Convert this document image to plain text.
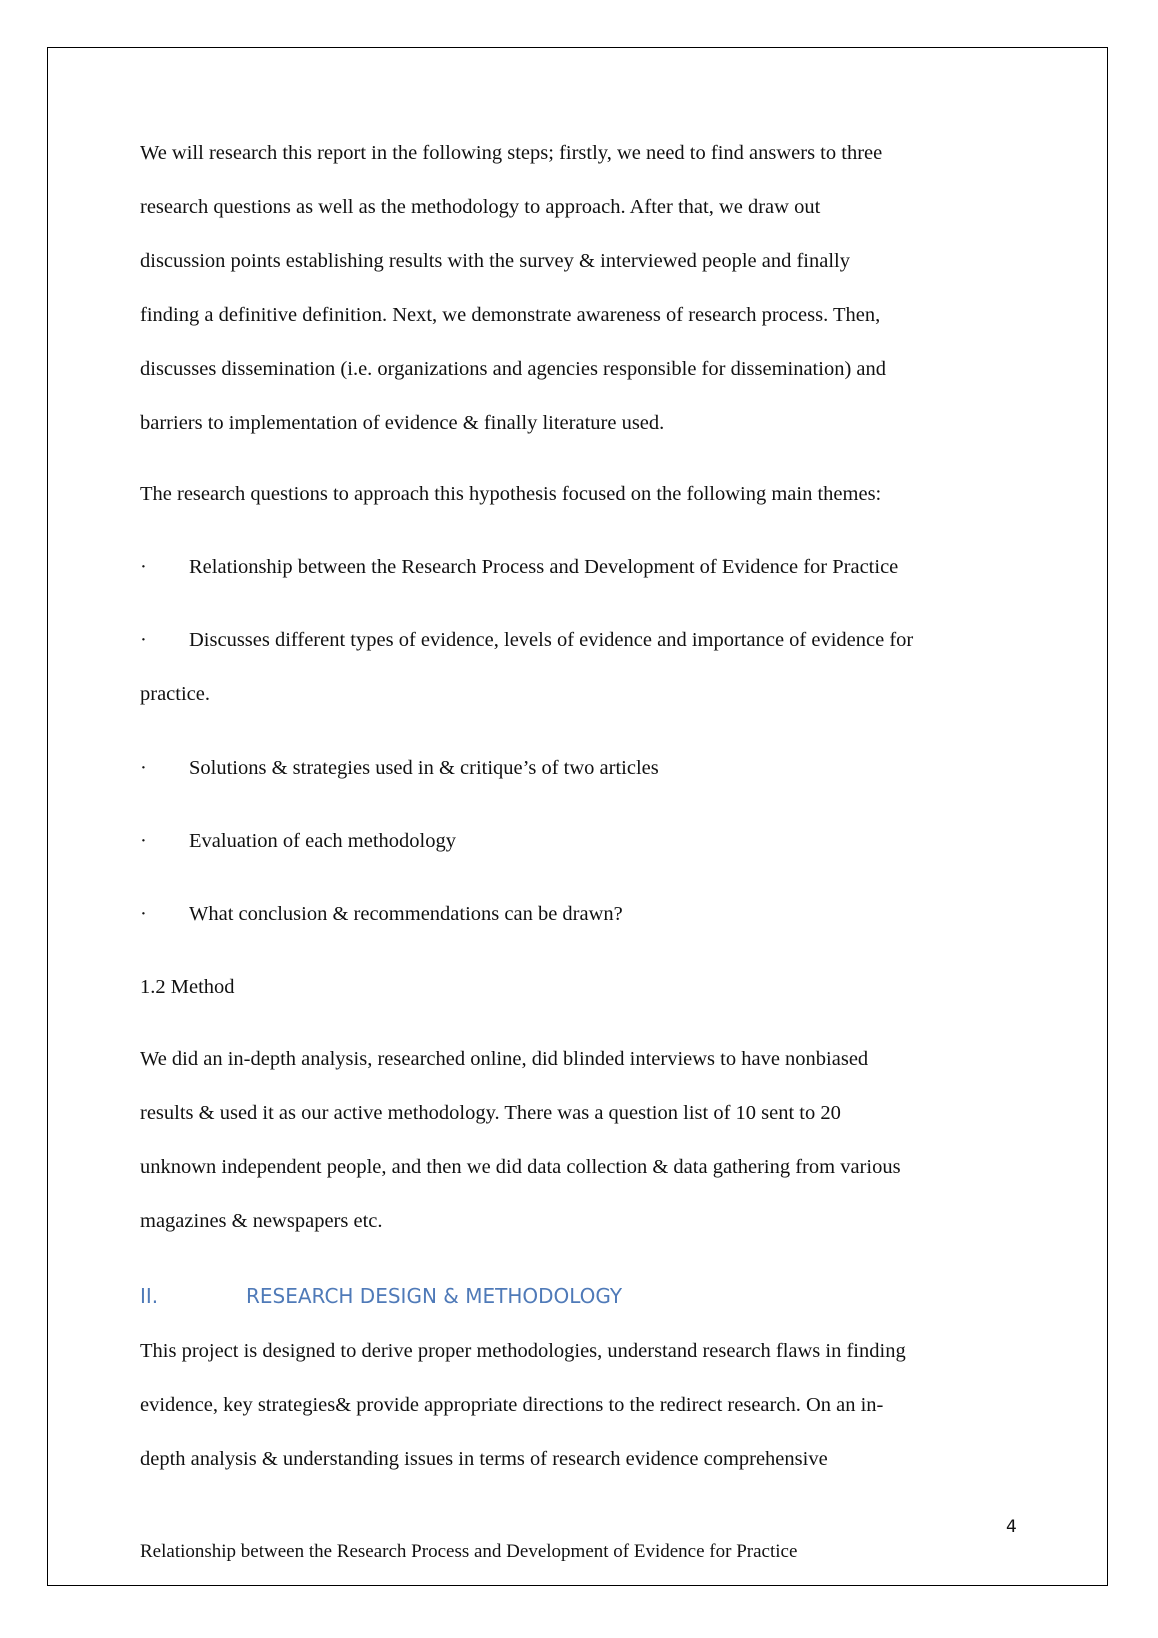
We will research this report in the following steps; firstly, we need to find answers to three
research questions as well as the methodology to approach. After that, we draw out
discussion points establishing results with the survey & interviewed people and finally
finding a definitive definition. Next, we demonstrate awareness of research process. Then,
discusses dissemination (i.e. organizations and agencies responsible for dissemination) and
barriers to implementation of evidence & finally literature used.
The research questions to approach this hypothesis focused on the following main themes:
· Relationship between the Research Process and Development of Evidence for Practice
· Discusses different types of evidence, levels of evidence and importance of evidence for
practice.
· Solutions & strategies used in & critique’s of two articles
· Evaluation of each methodology
· What conclusion & recommendations can be drawn?
1.2 Method
We did an in-depth analysis, researched online, did blinded interviews to have nonbiased
results & used it as our active methodology. There was a question list of 10 sent to 20
unknown independent people, and then we did data collection & data gathering from various
magazines & newspapers etc.
II.	RESEARCH DESIGN & METHODOLOGY
This project is designed to derive proper methodologies, understand research flaws in finding
evidence, key strategies& provide appropriate directions to the redirect research. On an in-
depth analysis & understanding issues in terms of research evidence comprehensive
4
Relationship between the Research Process and Development of Evidence for Practice
